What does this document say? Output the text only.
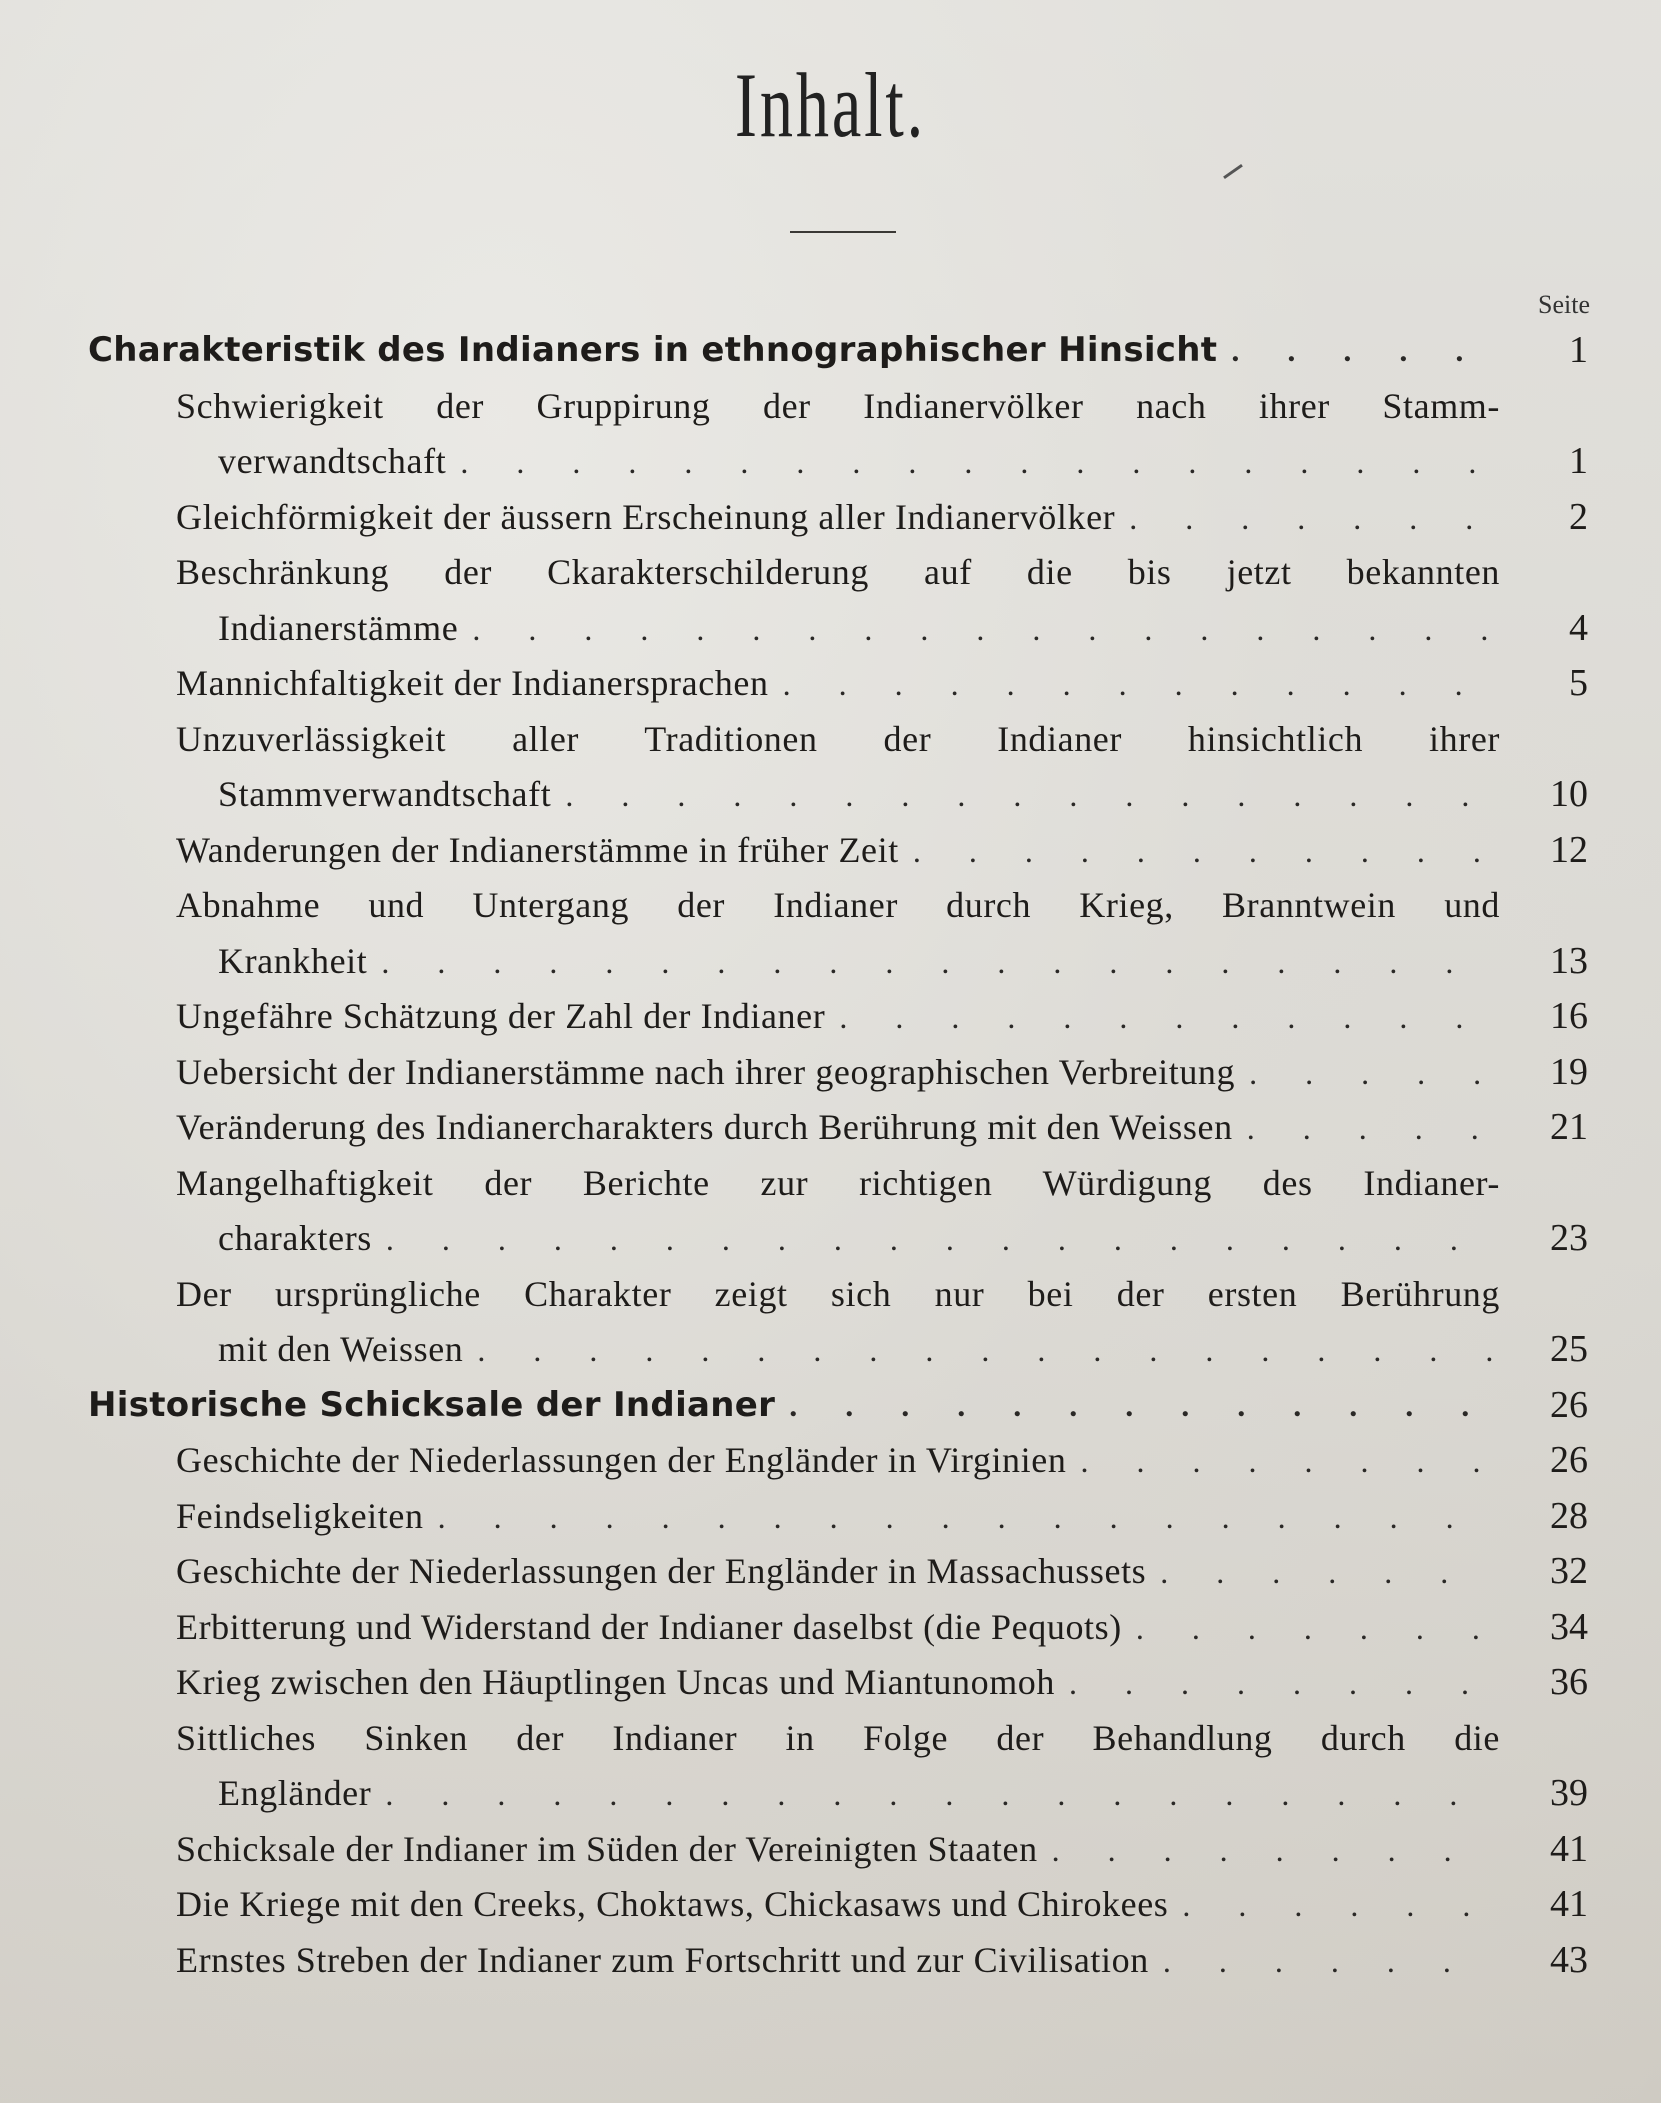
Inhalt.
Seite
Charakteristik des Indianers in ethnographischer Hinsicht . . .	1
Schwierigkeit der Gruppirung der Indianervölker nach ihrer Stamm-
verwandtschaft . . .	1
Gleichförmigkeit der äussern Erscheinung aller Indianervölker . . .	2
Beschränkung der Ckarakterschilderung auf die bis jetzt bekannten
Indianerstämme . . .	4
Mannichfaltigkeit der Indianersprachen . . .	5
Unzuverlässigkeit aller Traditionen der Indianer hinsichtlich ihrer
Stammverwandtschaft . . .	10
Wanderungen der Indianerstämme in früher Zeit . . .	12
Abnahme und Untergang der Indianer durch Krieg, Branntwein und
Krankheit . . .	13
Ungefähre Schätzung der Zahl der Indianer . . .	16
Uebersicht der Indianerstämme nach ihrer geographischen Verbreitung . . .	19
Veränderung des Indianercharakters durch Berührung mit den Weissen . . .	21
Mangelhaftigkeit der Berichte zur richtigen Würdigung des Indianer-
charakters . . .	23
Der ursprüngliche Charakter zeigt sich nur bei der ersten Berührung
mit den Weissen . . .	25
Historische Schicksale der Indianer . . .	26
Geschichte der Niederlassungen der Engländer in Virginien . . .	26
Feindseligkeiten . . .	28
Geschichte der Niederlassungen der Engländer in Massachussets . . .	32
Erbitterung und Widerstand der Indianer daselbst (die Pequots) . . .	34
Krieg zwischen den Häuptlingen Uncas und Miantunomoh . . .	36
Sittliches Sinken der Indianer in Folge der Behandlung durch die
Engländer . . .	39
Schicksale der Indianer im Süden der Vereinigten Staaten . . .	41
Die Kriege mit den Creeks, Choktaws, Chickasaws und Chirokees . . .	41
Ernstes Streben der Indianer zum Fortschritt und zur Civilisation . . .	43
